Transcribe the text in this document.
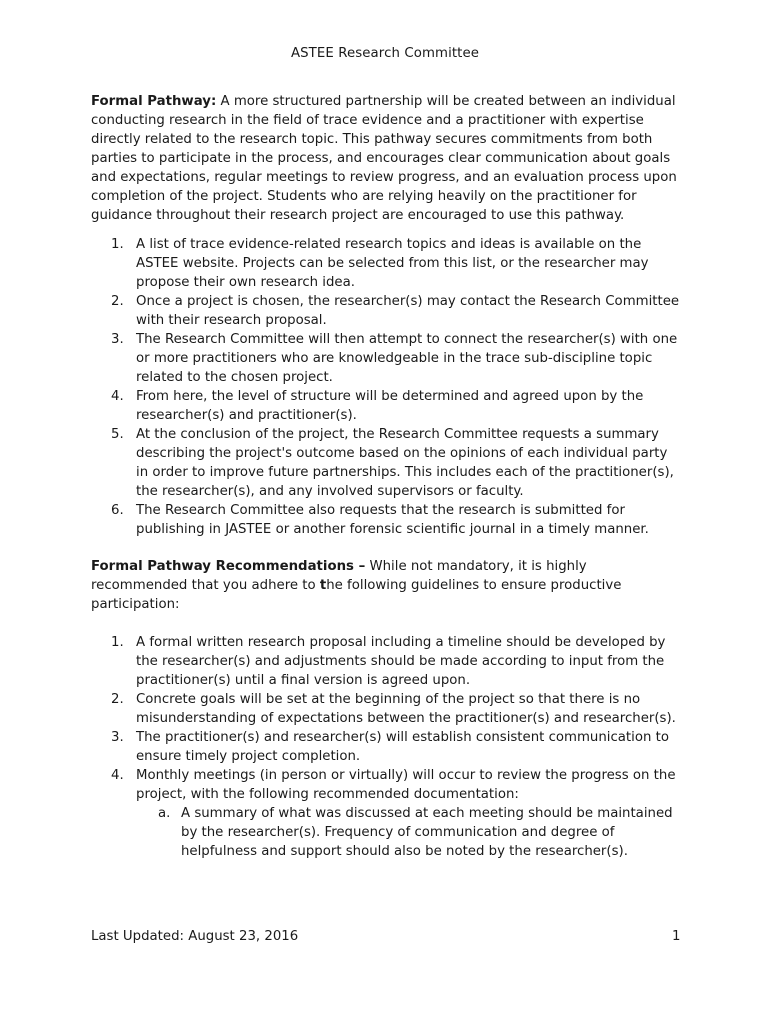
ASTEE Research Committee

Formal Pathway: A more structured partnership will be created between an individual conducting research in the field of trace evidence and a practitioner with expertise directly related to the research topic. This pathway secures commitments from both parties to participate in the process, and encourages clear communication about goals and expectations, regular meetings to review progress, and an evaluation process upon completion of the project. Students who are relying heavily on the practitioner for guidance throughout their research project are encouraged to use this pathway.

1. A list of trace evidence-related research topics and ideas is available on the ASTEE website. Projects can be selected from this list, or the researcher may propose their own research idea.
2. Once a project is chosen, the researcher(s) may contact the Research Committee with their research proposal.
3. The Research Committee will then attempt to connect the researcher(s) with one or more practitioners who are knowledgeable in the trace sub-discipline topic related to the chosen project.
4. From here, the level of structure will be determined and agreed upon by the researcher(s) and practitioner(s).
5. At the conclusion of the project, the Research Committee requests a summary describing the project's outcome based on the opinions of each individual party in order to improve future partnerships. This includes each of the practitioner(s), the researcher(s), and any involved supervisors or faculty.
6. The Research Committee also requests that the research is submitted for publishing in JASTEE or another forensic scientific journal in a timely manner.

Formal Pathway Recommendations – While not mandatory, it is highly recommended that you adhere to the following guidelines to ensure productive participation:

1. A formal written research proposal including a timeline should be developed by the researcher(s) and adjustments should be made according to input from the practitioner(s) until a final version is agreed upon.
2. Concrete goals will be set at the beginning of the project so that there is no misunderstanding of expectations between the practitioner(s) and researcher(s).
3. The practitioner(s) and researcher(s) will establish consistent communication to ensure timely project completion.
4. Monthly meetings (in person or virtually) will occur to review the progress on the project, with the following recommended documentation:
a. A summary of what was discussed at each meeting should be maintained by the researcher(s). Frequency of communication and degree of helpfulness and support should also be noted by the researcher(s).
Last Updated: August 23, 2016	1
